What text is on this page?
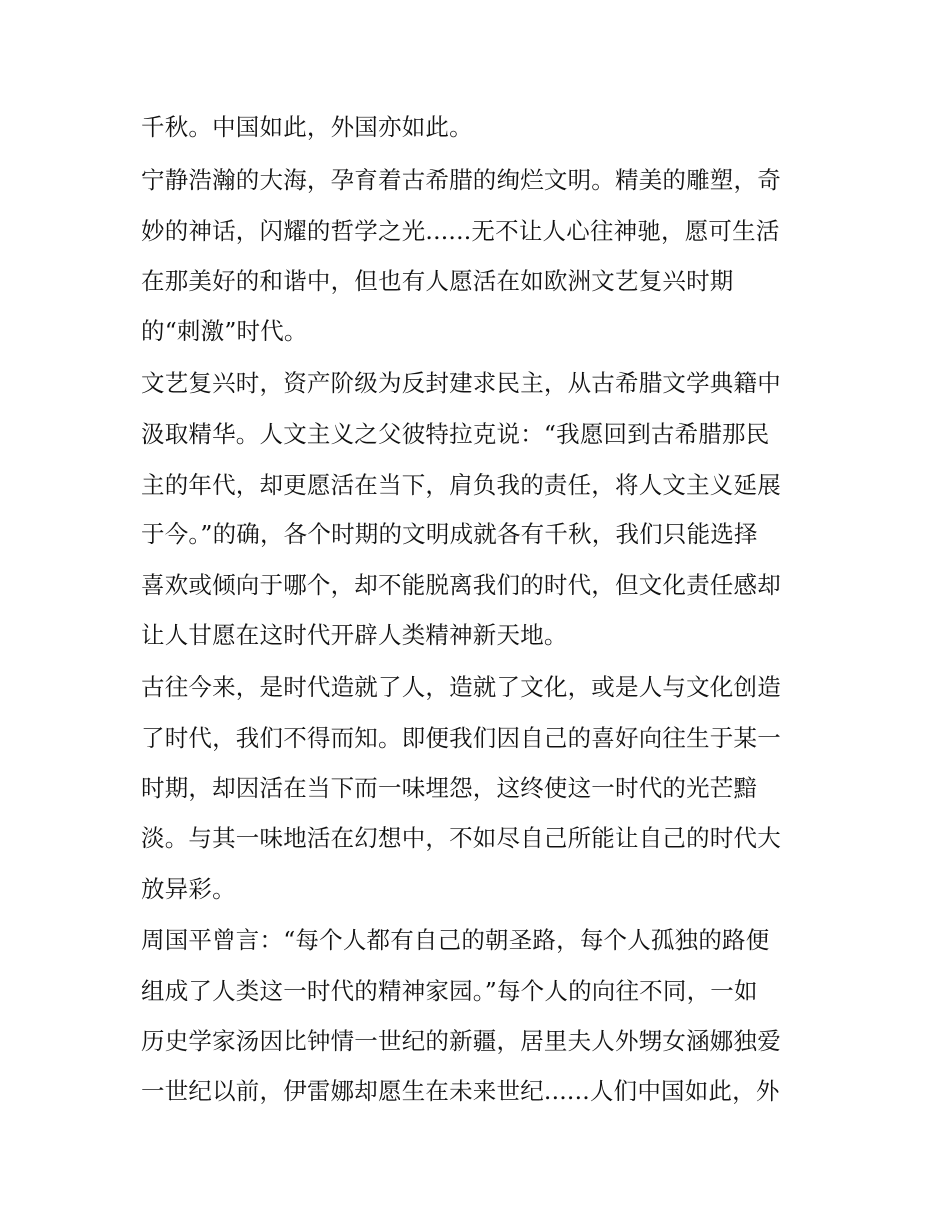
千秋。中国如此，外国亦如此。
宁静浩瀚的大海，孕育着古希腊的绚烂文明。精美的雕塑，奇
妙的神话，闪耀的哲学之光......无不让人心往神驰，愿可生活
在那美好的和谐中，但也有人愿活在如欧洲文艺复兴时期
的“刺激”时代。
文艺复兴时，资产阶级为反封建求民主，从古希腊文学典籍中
汲取精华。人文主义之父彼特拉克说：“我愿回到古希腊那民
主的年代，却更愿活在当下，肩负我的责任，将人文主义延展
于今。”的确，各个时期的文明成就各有千秋，我们只能选择
喜欢或倾向于哪个，却不能脱离我们的时代，但文化责任感却
让人甘愿在这时代开辟人类精神新天地。
古往今来，是时代造就了人，造就了文化，或是人与文化创造
了时代，我们不得而知。即便我们因自己的喜好向往生于某一
时期，却因活在当下而一味埋怨，这终使这一时代的光芒黯
淡。与其一味地活在幻想中，不如尽自己所能让自己的时代大
放异彩。
周国平曾言：“每个人都有自己的朝圣路，每个人孤独的路便
组成了人类这一时代的精神家园。”每个人的向往不同，一如
历史学家汤因比钟情一世纪的新疆，居里夫人外甥女涵娜独爱
一世纪以前，伊雷娜却愿生在未来世纪......人们中国如此，外
